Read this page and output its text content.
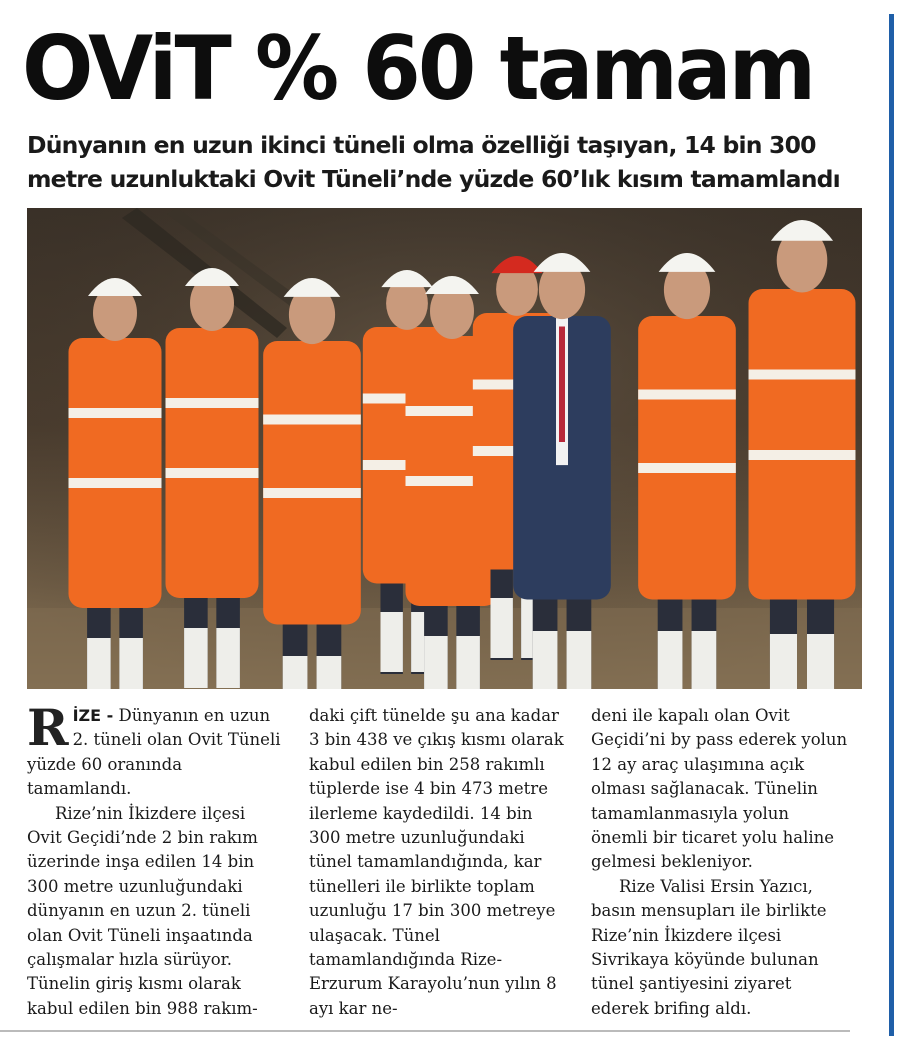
OViT % 60 tamam
Dünyanın en uzun ikinci tüneli olma özelliği taşıyan, 14 bin 300
metre uzunluktaki Ovit Tüneli’nde yüzde 60’lık kısım tamamlandı

RİZE - Dünyanın en uzun 2. tüneli olan Ovit Tüneli yüzde 60 oranında tamamlandı.

Rize’nin İkizdere ilçesi Ovit Geçidi’nde 2 bin rakım üzerinde inşa edilen 14 bin 300 metre uzunluğundaki dünyanın en uzun 2. tüneli olan Ovit Tüneli inşaatında çalışmalar hızla sürüyor. Tünelin giriş kısmı olarak kabul edilen bin 988 rakım-

daki çift tünelde şu ana kadar 3 bin 438 ve çıkış kısmı olarak kabul edilen bin 258 rakımlı tüplerde ise 4 bin 473 metre ilerleme kaydedildi. 14 bin 300 metre uzunluğundaki tünel tamamlandığında, kar tünelleri ile birlikte toplam uzunluğu 17 bin 300 metreye ulaşacak. Tünel tamamlandığında Rize-Erzurum Karayolu’nun yılın 8 ayı kar ne-

deni ile kapalı olan Ovit Geçidi’ni by pass ederek yolun 12 ay araç ulaşımına açık olması sağlanacak. Tünelin tamamlanmasıyla yolun önemli bir ticaret yolu haline gelmesi bekleniyor.

Rize Valisi Ersin Yazıcı, basın mensupları ile birlikte Rize’nin İkizdere ilçesi Sivrikaya köyünde bulunan tünel şantiyesini ziyaret ederek brifing aldı.
